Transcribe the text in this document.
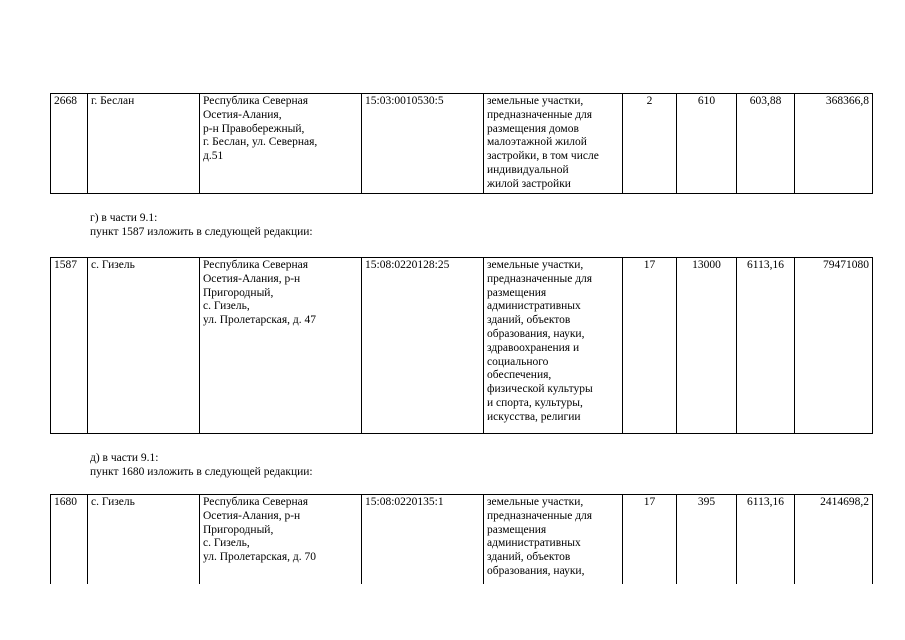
2668	г. Беслан	Республика Северная
Осетия-Алания,
р-н Правобережный,
г. Беслан, ул. Северная,
д.51	15:03:0010530:5	земельные участки,
предназначенные для
размещения домов
малоэтажной жилой
застройки, в том числе
индивидуальной
жилой застройки	2	610	603,88	368366,8
г) в части 9.1:
пункт 1587 изложить в следующей редакции:
1587	с. Гизель	Республика Северная
Осетия-Алания, р-н
Пригородный,
с. Гизель,
ул. Пролетарская, д. 47	15:08:0220128:25	земельные участки,
предназначенные для
размещения
административных
зданий, объектов
образования, науки,
здравоохранения и
социального
обеспечения,
физической культуры
и спорта, культуры,
искусства, религии	17	13000	6113,16	79471080
д) в части 9.1:
пункт 1680 изложить в следующей редакции:
1680	с. Гизель	Республика Северная
Осетия-Алания, р-н
Пригородный,
с. Гизель,
ул. Пролетарская, д. 70	15:08:0220135:1	земельные участки,
предназначенные для
размещения
административных
зданий, объектов
образования, науки,	17	395	6113,16	2414698,2
